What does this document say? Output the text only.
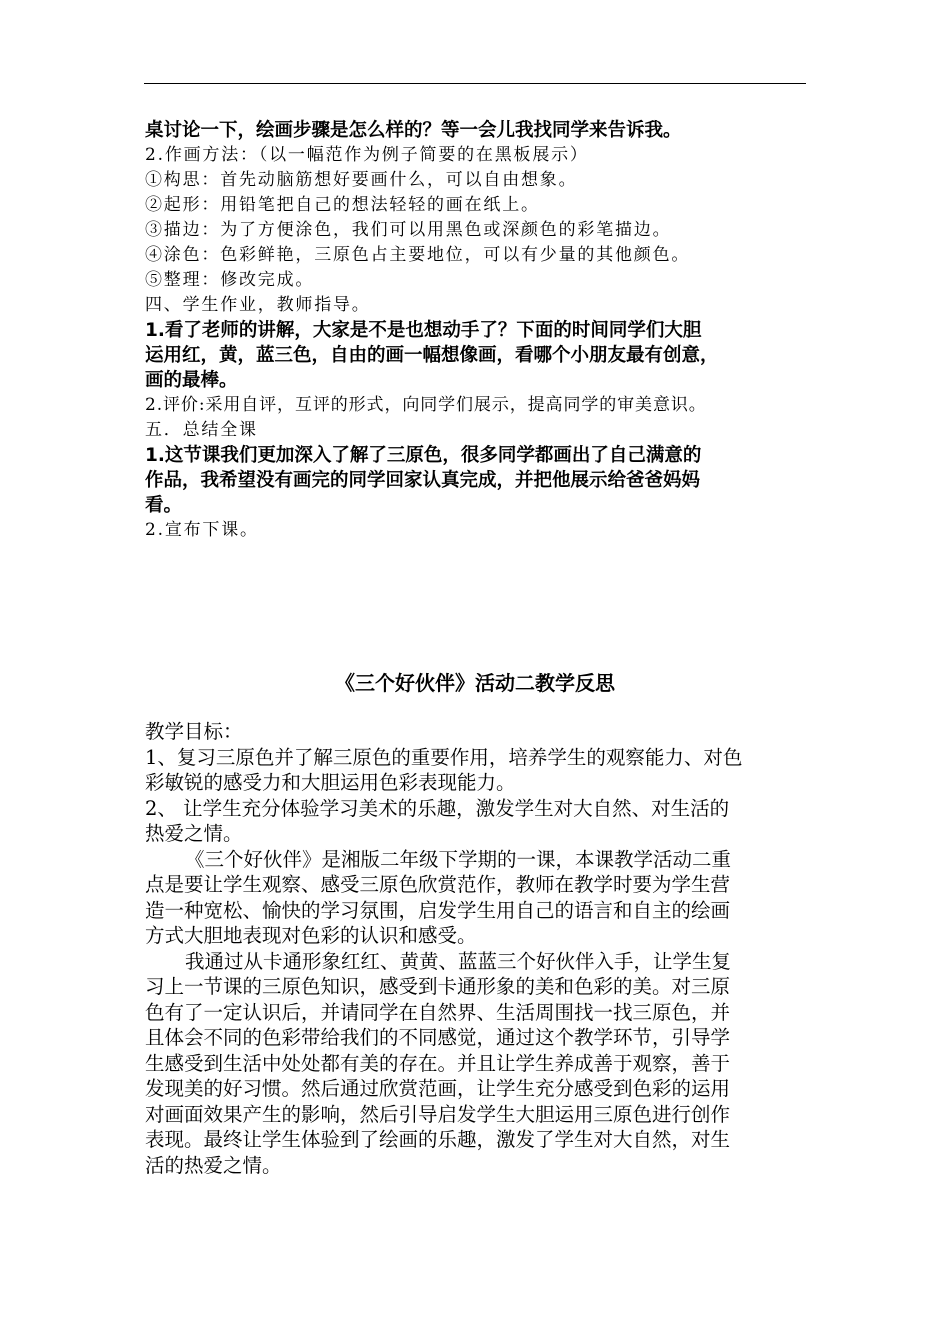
桌讨论一下，绘画步骤是怎么样的？等一会儿我找同学来告诉我。

2.作画方法：（以一幅范作为例子简要的在黑板展示）

①构思：首先动脑筋想好要画什么，可以自由想象。

②起形：用铅笔把自己的想法轻轻的画在纸上。

③描边：为了方便涂色，我们可以用黑色或深颜色的彩笔描边。

④涂色：色彩鲜艳，三原色占主要地位，可以有少量的其他颜色。

⑤整理：修改完成。

四、学生作业，教师指导。

1.看了老师的讲解，大家是不是也想动手了？下面的时间同学们大胆

运用红，黄，蓝三色，自由的画一幅想像画，看哪个小朋友最有创意，

画的最棒。

2.评价:采用自评，互评的形式，向同学们展示，提高同学的审美意识。

五．总结全课

1.这节课我们更加深入了解了三原色，很多同学都画出了自己满意的

作品，我希望没有画完的同学回家认真完成，并把他展示给爸爸妈妈

看。

2.宣布下课。

《三个好伙伴》活动二教学反思

教学目标：

1、复习三原色并了解三原色的重要作用，培养学生的观察能力、对色

彩敏锐的感受力和大胆运用色彩表现能力。

2、 让学生充分体验学习美术的乐趣，激发学生对大自然、对生活的

热爱之情。

《三个好伙伴》是湘版二年级下学期的一课，本课教学活动二重

点是要让学生观察、感受三原色欣赏范作，教师在教学时要为学生营

造一种宽松、愉快的学习氛围，启发学生用自己的语言和自主的绘画

方式大胆地表现对色彩的认识和感受。

我通过从卡通形象红红、黄黄、蓝蓝三个好伙伴入手，让学生复

习上一节课的三原色知识，感受到卡通形象的美和色彩的美。对三原

色有了一定认识后，并请同学在自然界、生活周围找一找三原色，并

且体会不同的色彩带给我们的不同感觉，通过这个教学环节，引导学

生感受到生活中处处都有美的存在。并且让学生养成善于观察，善于

发现美的好习惯。然后通过欣赏范画，让学生充分感受到色彩的运用

对画面效果产生的影响，然后引导启发学生大胆运用三原色进行创作

表现。最终让学生体验到了绘画的乐趣，激发了学生对大自然，对生

活的热爱之情。
